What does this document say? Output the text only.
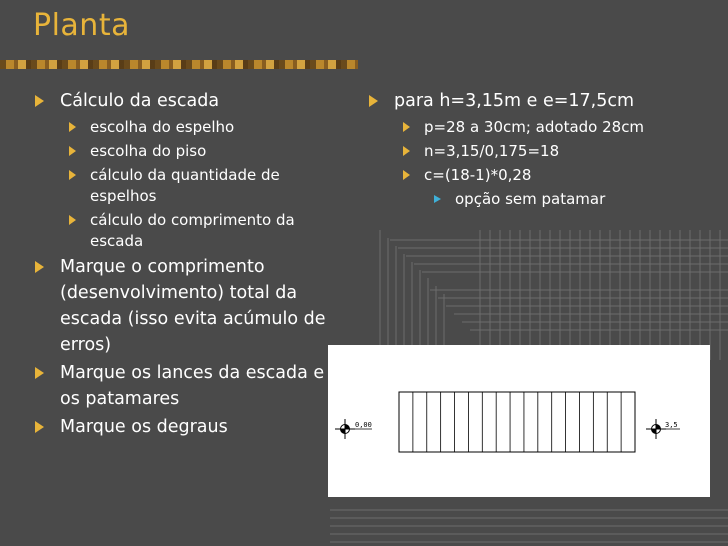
Planta
Cálculo da escada
escolha do espelho
escolha do piso
cálculo da quantidade de espelhos
cálculo do comprimento da escada
Marque o comprimento (desenvolvimento) total da escada (isso evita acúmulo de erros)
Marque os lances da escada e os patamares
Marque os degraus
para h=3,15m e e=17,5cm
p=28 a 30cm; adotado 28cm
n=3,15/0,175=18
c=(18-1)*0,28
opção sem patamar
0,00	3,5
